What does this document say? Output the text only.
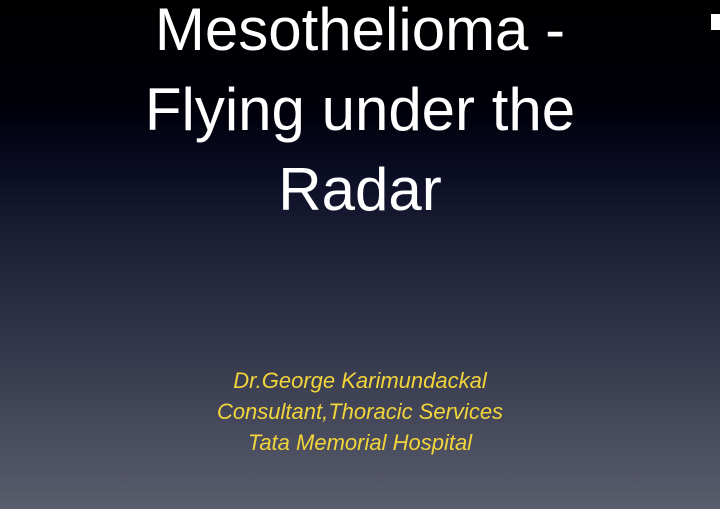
Mesothelioma -
Flying under the
Radar
Dr.George Karimundackal
Consultant,Thoracic Services
Tata Memorial Hospital
